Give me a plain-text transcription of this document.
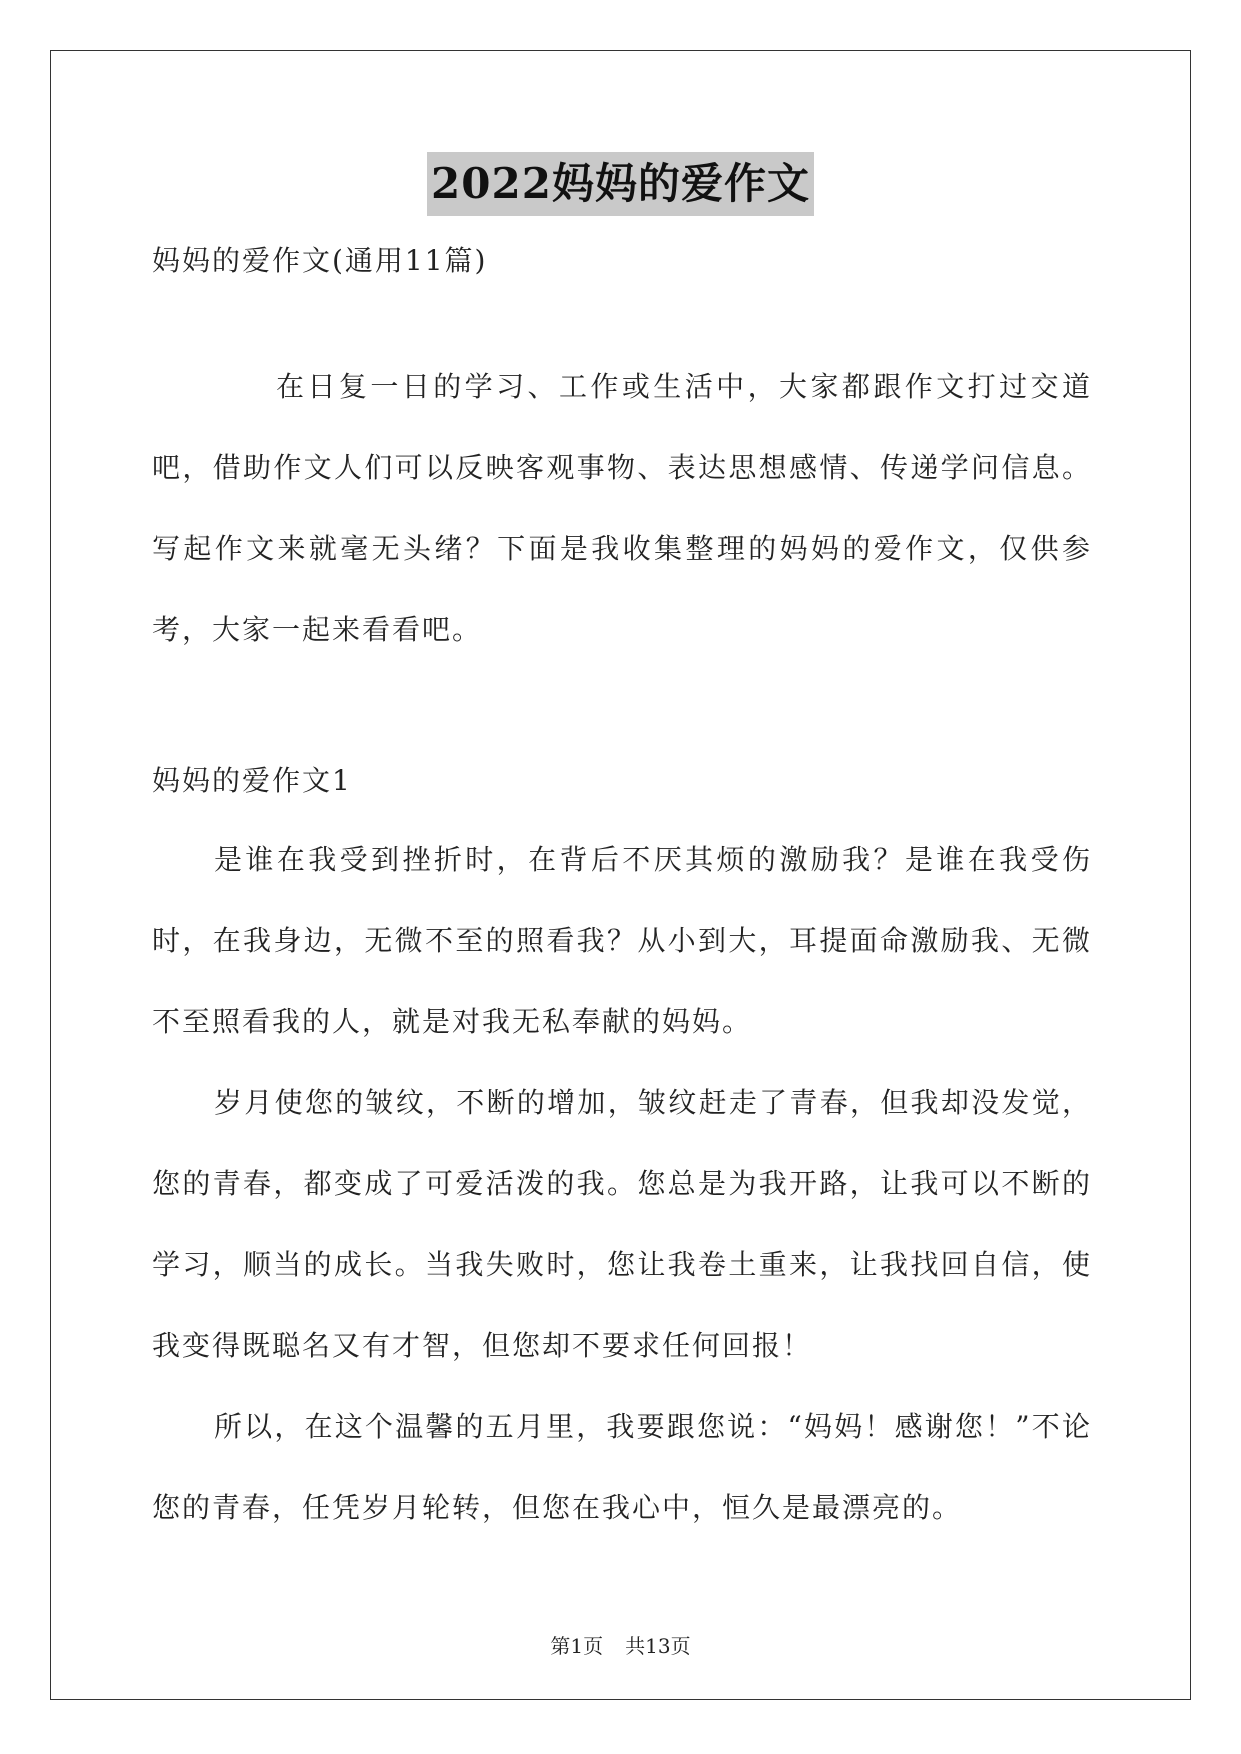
2022妈妈的爱作文
妈妈的爱作文(通用11篇)
在日复一日的学习、工作或生活中，大家都跟作文打过交道吧，借助作文人们可以反映客观事物、表达思想感情、传递学问信息。写起作文来就毫无头绪？下面是我收集整理的妈妈的爱作文，仅供参考，大家一起来看看吧。
妈妈的爱作文1
是谁在我受到挫折时，在背后不厌其烦的激励我？是谁在我受伤时，在我身边，无微不至的照看我？从小到大，耳提面命激励我、无微不至照看我的人，就是对我无私奉献的妈妈。
岁月使您的皱纹，不断的增加，皱纹赶走了青春，但我却没发觉，您的青春，都变成了可爱活泼的我。您总是为我开路，让我可以不断的学习，顺当的成长。当我失败时，您让我卷土重来，让我找回自信，使我变得既聪名又有才智，但您却不要求任何回报！
所以，在这个温馨的五月里，我要跟您说：“妈妈！感谢您！”不论您的青春，任凭岁月轮转，但您在我心中，恒久是最漂亮的。
第1页 共13页
